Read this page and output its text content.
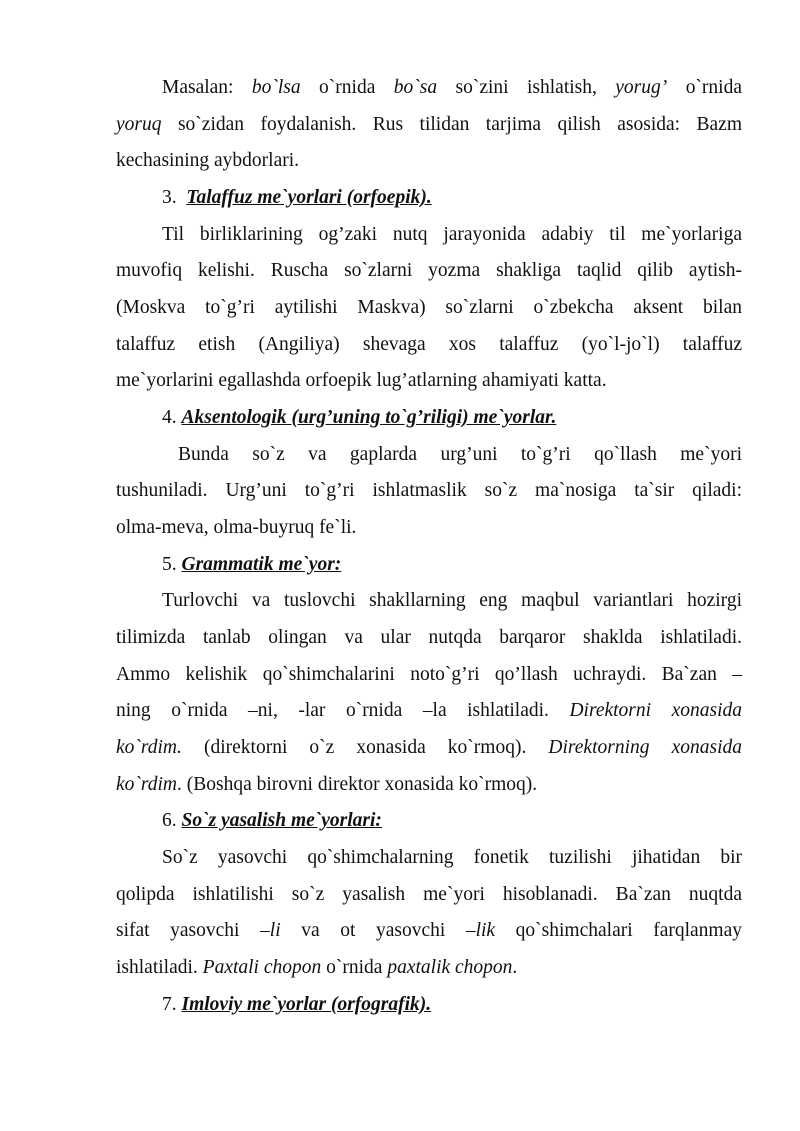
Masalan: bo`lsa o`rnida bo`sa so`zini ishlatish, yorug’ o`rnida
yoruq so`zidan foydalanish. Rus tilidan tarjima qilish asosida: Bazm
kechasining aybdorlari.
3. Talaffuz me`yorlari (orfoepik).
Til birliklarining og’zaki nutq jarayonida adabiy til me`yorlariga
muvofiq kelishi. Ruscha so`zlarni yozma shakliga taqlid qilib aytish-
(Moskva to`g’ri aytilishi Maskva) so`zlarni o`zbekcha aksent bilan
talaffuz etish (Angiliya) shevaga xos talaffuz (yo`l-jo`l) talaffuz
me`yorlarini egallashda orfoepik lug’atlarning ahamiyati katta.
4. Aksentologik (urg’uning to`g’riligi) me`yorlar.
Bunda so`z va gaplarda urg’uni to`g’ri qo`llash me`yori
tushuniladi. Urg’uni to`g’ri ishlatmaslik so`z ma`nosiga ta`sir qiladi:
olma-meva, olma-buyruq fe`li.
5. Grammatik me`yor:
Turlovchi va tuslovchi shakllarning eng maqbul variantlari hozirgi
tilimizda tanlab olingan va ular nutqda barqaror shaklda ishlatiladi.
Ammo kelishik qo`shimchalarini noto`g’ri qo’llash uchraydi. Ba`zan –
ning o`rnida –ni, -lar o`rnida –la ishlatiladi. Direktorni xonasida
ko`rdim. (direktorni o`z xonasida ko`rmoq). Direktorning xonasida
ko`rdim. (Boshqa birovni direktor xonasida ko`rmoq).
6. So`z yasalish me`yorlari:
So`z yasovchi qo`shimchalarning fonetik tuzilishi jihatidan bir
qolipda ishlatilishi so`z yasalish me`yori hisoblanadi. Ba`zan nuqtda
sifat yasovchi –li va ot yasovchi –lik qo`shimchalari farqlanmay
ishlatiladi. Paxtali chopon o`rnida paxtalik chopon.
7. Imloviy me`yorlar (orfografik).
